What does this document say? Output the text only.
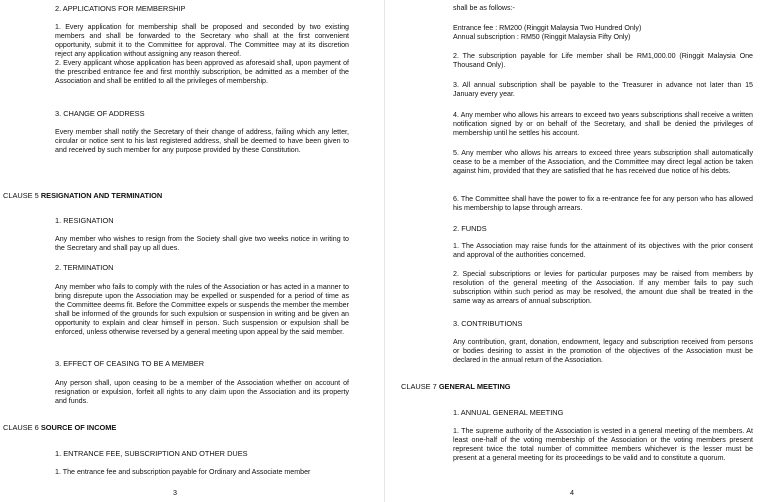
2. APPLICATIONS FOR MEMBERSHIP

1. Every application for membership shall be proposed and seconded by two existing members and shall be forwarded to the Secretary who shall at the first convenient opportunity, submit it to the Committee for approval. The Committee may at its discretion reject any application without assigning any reason thereof.

2. Every applicant whose application has been approved as aforesaid shall, upon payment of the prescribed entrance fee and first monthly subscription, be admitted as a member of the Association and shall be entitled to all the privileges of membership.

3. CHANGE OF ADDRESS

Every member shall notify the Secretary of their change of address, failing which any letter, circular or notice sent to his last registered address, shall be deemed to have been given to and received by such member for any purpose provided by these Constitution.

CLAUSE 5 RESIGNATION AND TERMINATION
1. RESIGNATION

Any member who wishes to resign from the Society shall give two weeks notice in writing to the Secretary and shall pay up all dues.

2. TERMINATION

Any member who fails to comply with the rules of the Association or has acted in a manner to bring disrepute upon the Association may be expelled or suspended for a period of time as the Committee deems fit. Before the Committee expels or suspends the member the member shall be informed of the grounds for such expulsion or suspension in writing and be given an opportunity to explain and clear himself in person. Such suspension or expulsion shall be enforced, unless otherwise reversed by a general meeting upon appeal by the said member.

3. EFFECT OF CEASING TO BE A MEMBER

Any person shall, upon ceasing to be a member of the Association whether on account of resignation or expulsion, forfeit all rights to any claim upon the Association and its property and funds.

CLAUSE 6 SOURCE OF INCOME
1. ENTRANCE FEE, SUBSCRIPTION AND OTHER DUES

1. The entrance fee and subscription payable for Ordinary and Associate member

3

shall be as follows:-

Entrance fee : RM200 (Ringgit Malaysia Two Hundred Only)

Annual subscription : RM50 (Ringgit Malaysia Fifty Only)

2. The subscription payable for Life member shall be RM1,000.00 (Ringgit Malaysia One Thousand Only).

3. All annual subscription shall be payable to the Treasurer in advance not later than 15 January every year.

4. Any member who allows his arrears to exceed two years subscriptions shall receive a written notification signed by or on behalf of the Secretary, and shall be denied the privileges of membership until he settles his account.

5. Any member who allows his arrears to exceed three years subscription shall automatically cease to be a member of the Association, and the Committee may direct legal action be taken against him, provided that they are satisfied that he has received due notice of his debts.

6. The Committee shall have the power to fix a re-entrance fee for any person who has allowed his membership to lapse through arrears.

2. FUNDS

1. The Association may raise funds for the attainment of its objectives with the prior consent and approval of the authorities concerned.

2. Special subscriptions or levies for particular purposes may be raised from members by resolution of the general meeting of the Association. If any member fails to pay such subscription within such period as may be resolved, the amount due shall be treated in the same way as arrears of annual subscription.

3. CONTRIBUTIONS

Any contribution, grant, donation, endowment, legacy and subscription received from persons or bodies desiring to assist in the promotion of the objectives of the Association must be declared in the annual return of the Association.

CLAUSE 7 GENERAL MEETING
1. ANNUAL GENERAL MEETING

1. The supreme authority of the Association is vested in a general meeting of the members. At least one-half of the voting membership of the Association or the voting members present represent twice the total number of committee members whichever is the lesser must be present at a general meeting for its proceedings to be valid and to constitute a quorum.

4
